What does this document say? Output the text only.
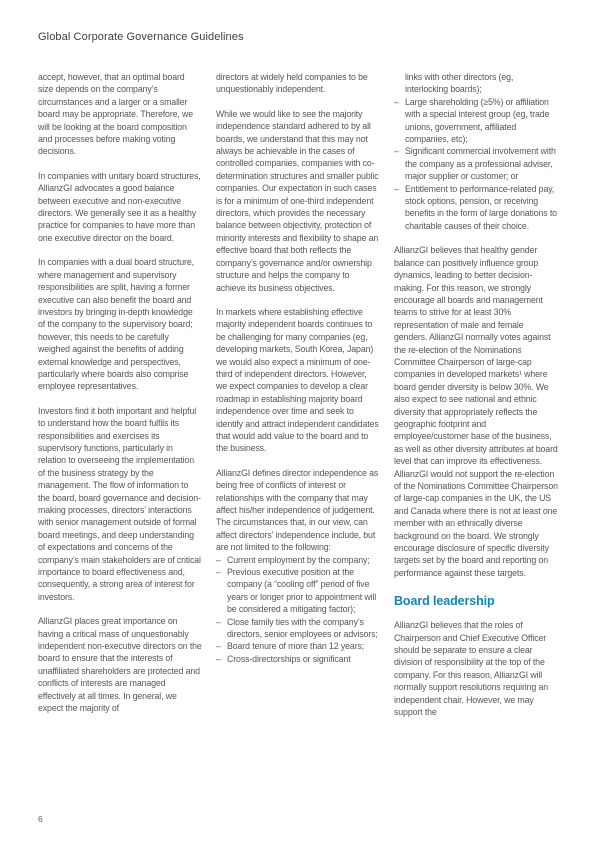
Global Corporate Governance Guidelines

accept, however, that an optimal board size depends on the company’s circumstances and a larger or a smaller board may be appropriate. Therefore, we will be looking at the board composition and processes before making voting decisions.

In companies with unitary board structures, AllianzGI advocates a good balance between executive and non-executive directors. We generally see it as a healthy practice for companies to have more than one executive director on the board.

In companies with a dual board structure, where management and supervisory responsibilities are split, having a former executive can also benefit the board and investors by bringing in-depth knowledge of the company to the supervisory board; however, this needs to be carefully weighed against the benefits of adding external knowledge and perspectives, particularly where boards also comprise employee representatives.

Investors find it both important and helpful to understand how the board fulfils its responsibilities and exercises its supervisory functions, particularly in relation to overseeing the implementation of the business strategy by the management. The flow of information to the board, board governance and decision-making processes, directors’ interactions with senior management outside of formal board meetings, and deep understanding of expectations and concerns of the company’s main stakeholders are of critical importance to board effectiveness and, consequently, a strong area of interest for investors.

AllianzGI places great importance on having a critical mass of unquestionably independent non-executive directors on the board to ensure that the interests of unaffiliated shareholders are protected and conflicts of interests are managed effectively at all times. In general, we expect the majority of

directors at widely held companies to be unquestionably independent.

While we would like to see the majority independence standard adhered to by all boards, we understand that this may not always be achievable in the cases of controlled companies, companies with co-determination structures and smaller public companies. Our expectation in such cases is for a minimum of one-third independent directors, which provides the necessary balance between objectivity, protection of minority interests and flexibility to shape an effective board that both reflects the company’s governance and/or ownership structure and helps the company to achieve its business objectives.

In markets where establishing effective majority independent boards continues to be challenging for many companies (eg, developing markets, South Korea, Japan) we would also expect a minimum of one-third of independent directors. However, we expect companies to develop a clear roadmap in establishing majority board independence over time and seek to identify and attract independent candidates that would add value to the board and to the business.

AllianzGI defines director independence as being free of conflicts of interest or relationships with the company that may affect his/her independence of judgement. The circumstances that, in our view, can affect directors’ independence include, but are not limited to the following:

– Current employment by the company;
– Previous executive position at the company (a “cooling off” period of five years or longer prior to appointment will be considered a mitigating factor);
– Close family ties with the company’s directors, senior employees or advisors;
– Board tenure of more than 12 years;
– Cross-directorships or significant
links with other directors (eg, interlocking boards);
– Large shareholding (≥5%) or affiliation with a special interest group (eg, trade unions, government, affiliated companies, etc);
– Significant commercial involvement with the company as a professional adviser, major supplier or customer; or
– Entitlement to performance-related pay, stock options, pension, or receiving benefits in the form of large donations to charitable causes of their choice.

AllianzGI believes that healthy gender balance can positively influence group dynamics, leading to better decision-making. For this reason, we strongly encourage all boards and management teams to strive for at least 30% representation of male and female genders. AllianzGI normally votes against the re-election of the Nominations Committee Chairperson of large-cap companies in developed markets¹ where board gender diversity is below 30%. We also expect to see national and ethnic diversity that appropriately reflects the geographic footprint and employee/customer base of the business, as well as other diversity attributes at board level that can improve its effectiveness. AllianzGI would not support the re-election of the Nominations Committee Chairperson of large-cap companies in the UK, the US and Canada where there is not at least one member with an ethnically diverse background on the board. We strongly encourage disclosure of specific diversity targets set by the board and reporting on performance against these targets.

Board leadership

AllianzGI believes that the roles of Chairperson and Chief Executive Officer should be separate to ensure a clear division of responsibility at the top of the company. For this reason, AllianzGI will normally support resolutions requiring an independent chair. However, we may support the

6
